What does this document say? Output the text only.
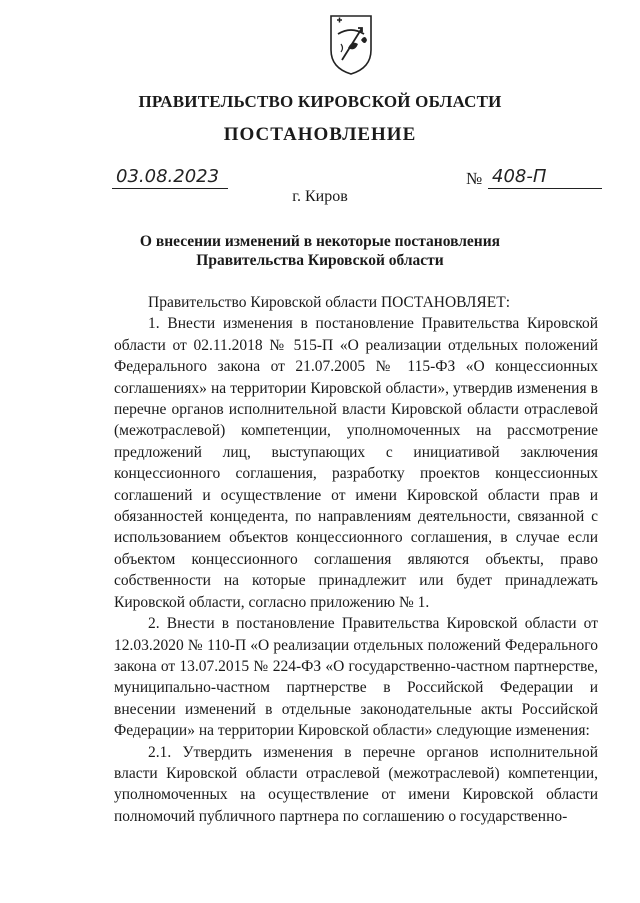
ПРАВИТЕЛЬСТВО КИРОВСКОЙ ОБЛАСТИ
ПОСТАНОВЛЕНИЕ
03.08.2023	№ 408-П
г. Киров
О внесении изменений в некоторые постановления
Правительства Кировской области

Правительство Кировской области ПОСТАНОВЛЯЕТ:

1. Внести изменения в постановление Правительства Кировской области от 02.11.2018 № 515-П «О реализации отдельных положений Федерального закона от 21.07.2005 № 115-ФЗ «О концессионных соглашениях» на территории Кировской области», утвердив изменения в перечне органов исполнительной власти Кировской области отраслевой (межотраслевой) компетенции, уполномоченных на рассмотрение предложений лиц, выступающих с инициативой заключения концессионного соглашения, разработку проектов концессионных соглашений и осуществление от имени Кировской области прав и обязанностей концедента, по направлениям деятельности, связанной с использованием объектов концессионного соглашения, в случае если объектом концессионного соглашения являются объекты, право собственности на которые принадлежит или будет принадлежать Кировской области, согласно приложению № 1.

2. Внести в постановление Правительства Кировской области от 12.03.2020 № 110-П «О реализации отдельных положений Федерального закона от 13.07.2015 № 224-ФЗ «О государственно-частном партнерстве, муниципально-частном партнерстве в Российской Федерации и внесении изменений в отдельные законодательные акты Российской Федерации» на территории Кировской области» следующие изменения:

2.1. Утвердить изменения в перечне органов исполнительной власти Кировской области отраслевой (межотраслевой) компетенции, уполномоченных на осуществление от имени Кировской области полномочий публичного партнера по соглашению о государственно-
